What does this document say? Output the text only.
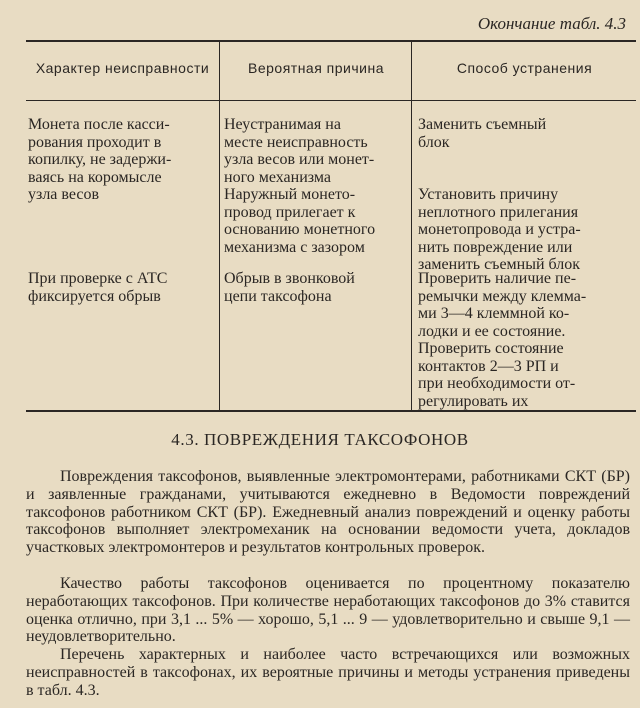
Окончание табл. 4.3
Характер неисправности	Вероятная причина	Способ устранения
Монета после касси-
рования проходит в
копилку, не задержи-
ваясь на коромысле
узла весов
Неустранимая на
месте неисправность
узла весов или монет-
ного механизма
Заменить съемный
блок
Наружный монето-
провод прилегает к
основанию монетного
механизма с зазором
Установить причину
неплотного прилегания
монетопровода и устра-
нить повреждение или
заменить съемный блок
При проверке с АТС
фиксируется обрыв
Обрыв в звонковой
цепи таксофона
Проверить наличие пе-
ремычки между клемма-
ми 3—4 клеммной ко-
лодки и ее состояние.
Проверить состояние
контактов 2—3 РП и
при необходимости от-
регулировать их
4.3. ПОВРЕЖДЕНИЯ ТАКСОФОНОВ
Повреждения таксофонов, выявленные электромонтерами, работниками СКТ (БР) и заявленные гражданами, учитываются ежедневно в Ведомости повреждений таксофонов работником СКТ (БР). Ежедневный анализ повреждений и оценку работы таксофонов выполняет электромеханик на основании ведомости учета, докладов участковых электромонтеров и результатов контрольных проверок.
Качество работы таксофонов оценивается по процентному показателю неработающих таксофонов. При количестве неработающих таксофонов до 3% ставится оценка отлично, при 3,1 ... 5% — хорошо, 5,1 ... 9 — удовлетворительно и свыше 9,1 — неудовлетворительно.
Перечень характерных и наиболее часто встречающихся или возможных неисправностей в таксофонах, их вероятные причины и методы устранения приведены в табл. 4.3.
